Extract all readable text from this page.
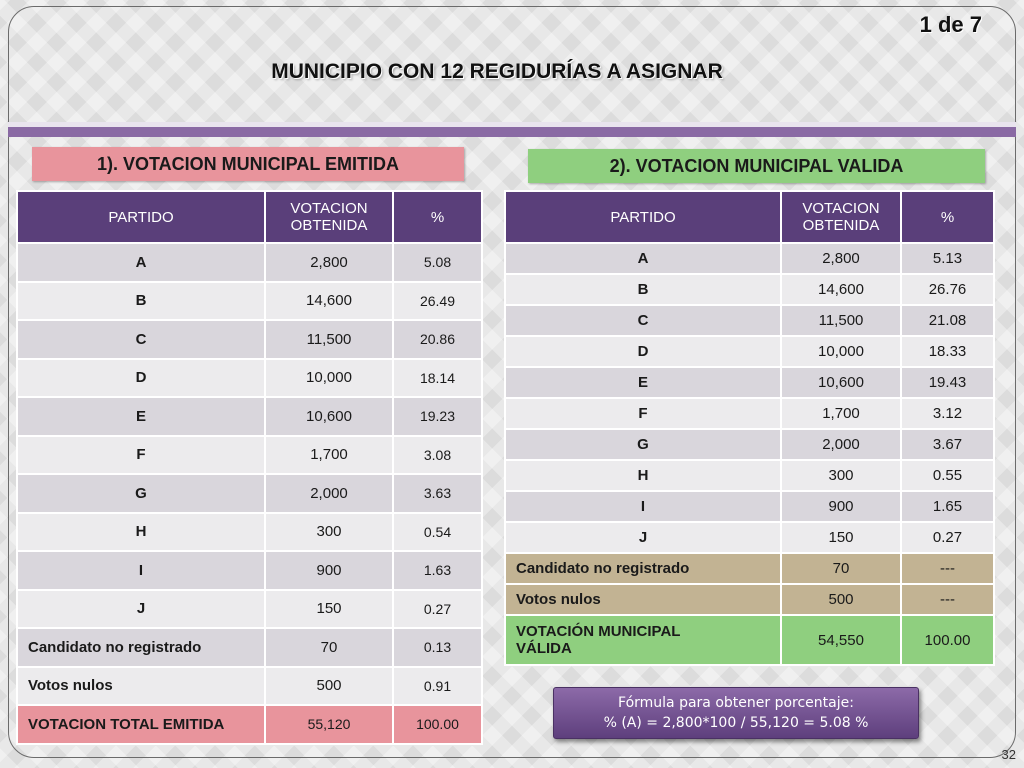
1 de 7
MUNICIPIO CON 12 REGIDURÍAS A ASIGNAR
1). VOTACION MUNICIPAL EMITIDA	2). VOTACION MUNICIPAL VALIDA
PARTIDO	VOTACION OBTENIDA	%
A	2,800	5.08
B	14,600	26.49
C	11,500	20.86
D	10,000	18.14
E	10,600	19.23
F	1,700	3.08
G	2,000	3.63
H	300	0.54
I	900	1.63
J	150	0.27
Candidato no registrado	70	0.13
Votos nulos	500	0.91
VOTACION TOTAL EMITIDA	55,120	100.00
PARTIDO	VOTACION OBTENIDA	%
A	2,800	5.13
B	14,600	26.76
C	11,500	21.08
D	10,000	18.33
E	10,600	19.43
F	1,700	3.12
G	2,000	3.67
H	300	0.55
I	900	1.65
J	150	0.27
Candidato no registrado	70	---
Votos nulos	500	---
VOTACIÓN MUNICIPAL VÁLIDA	54,550	100.00
Fórmula para obtener porcentaje:
% (A) = 2,800*100 / 55,120 = 5.08 %
32
